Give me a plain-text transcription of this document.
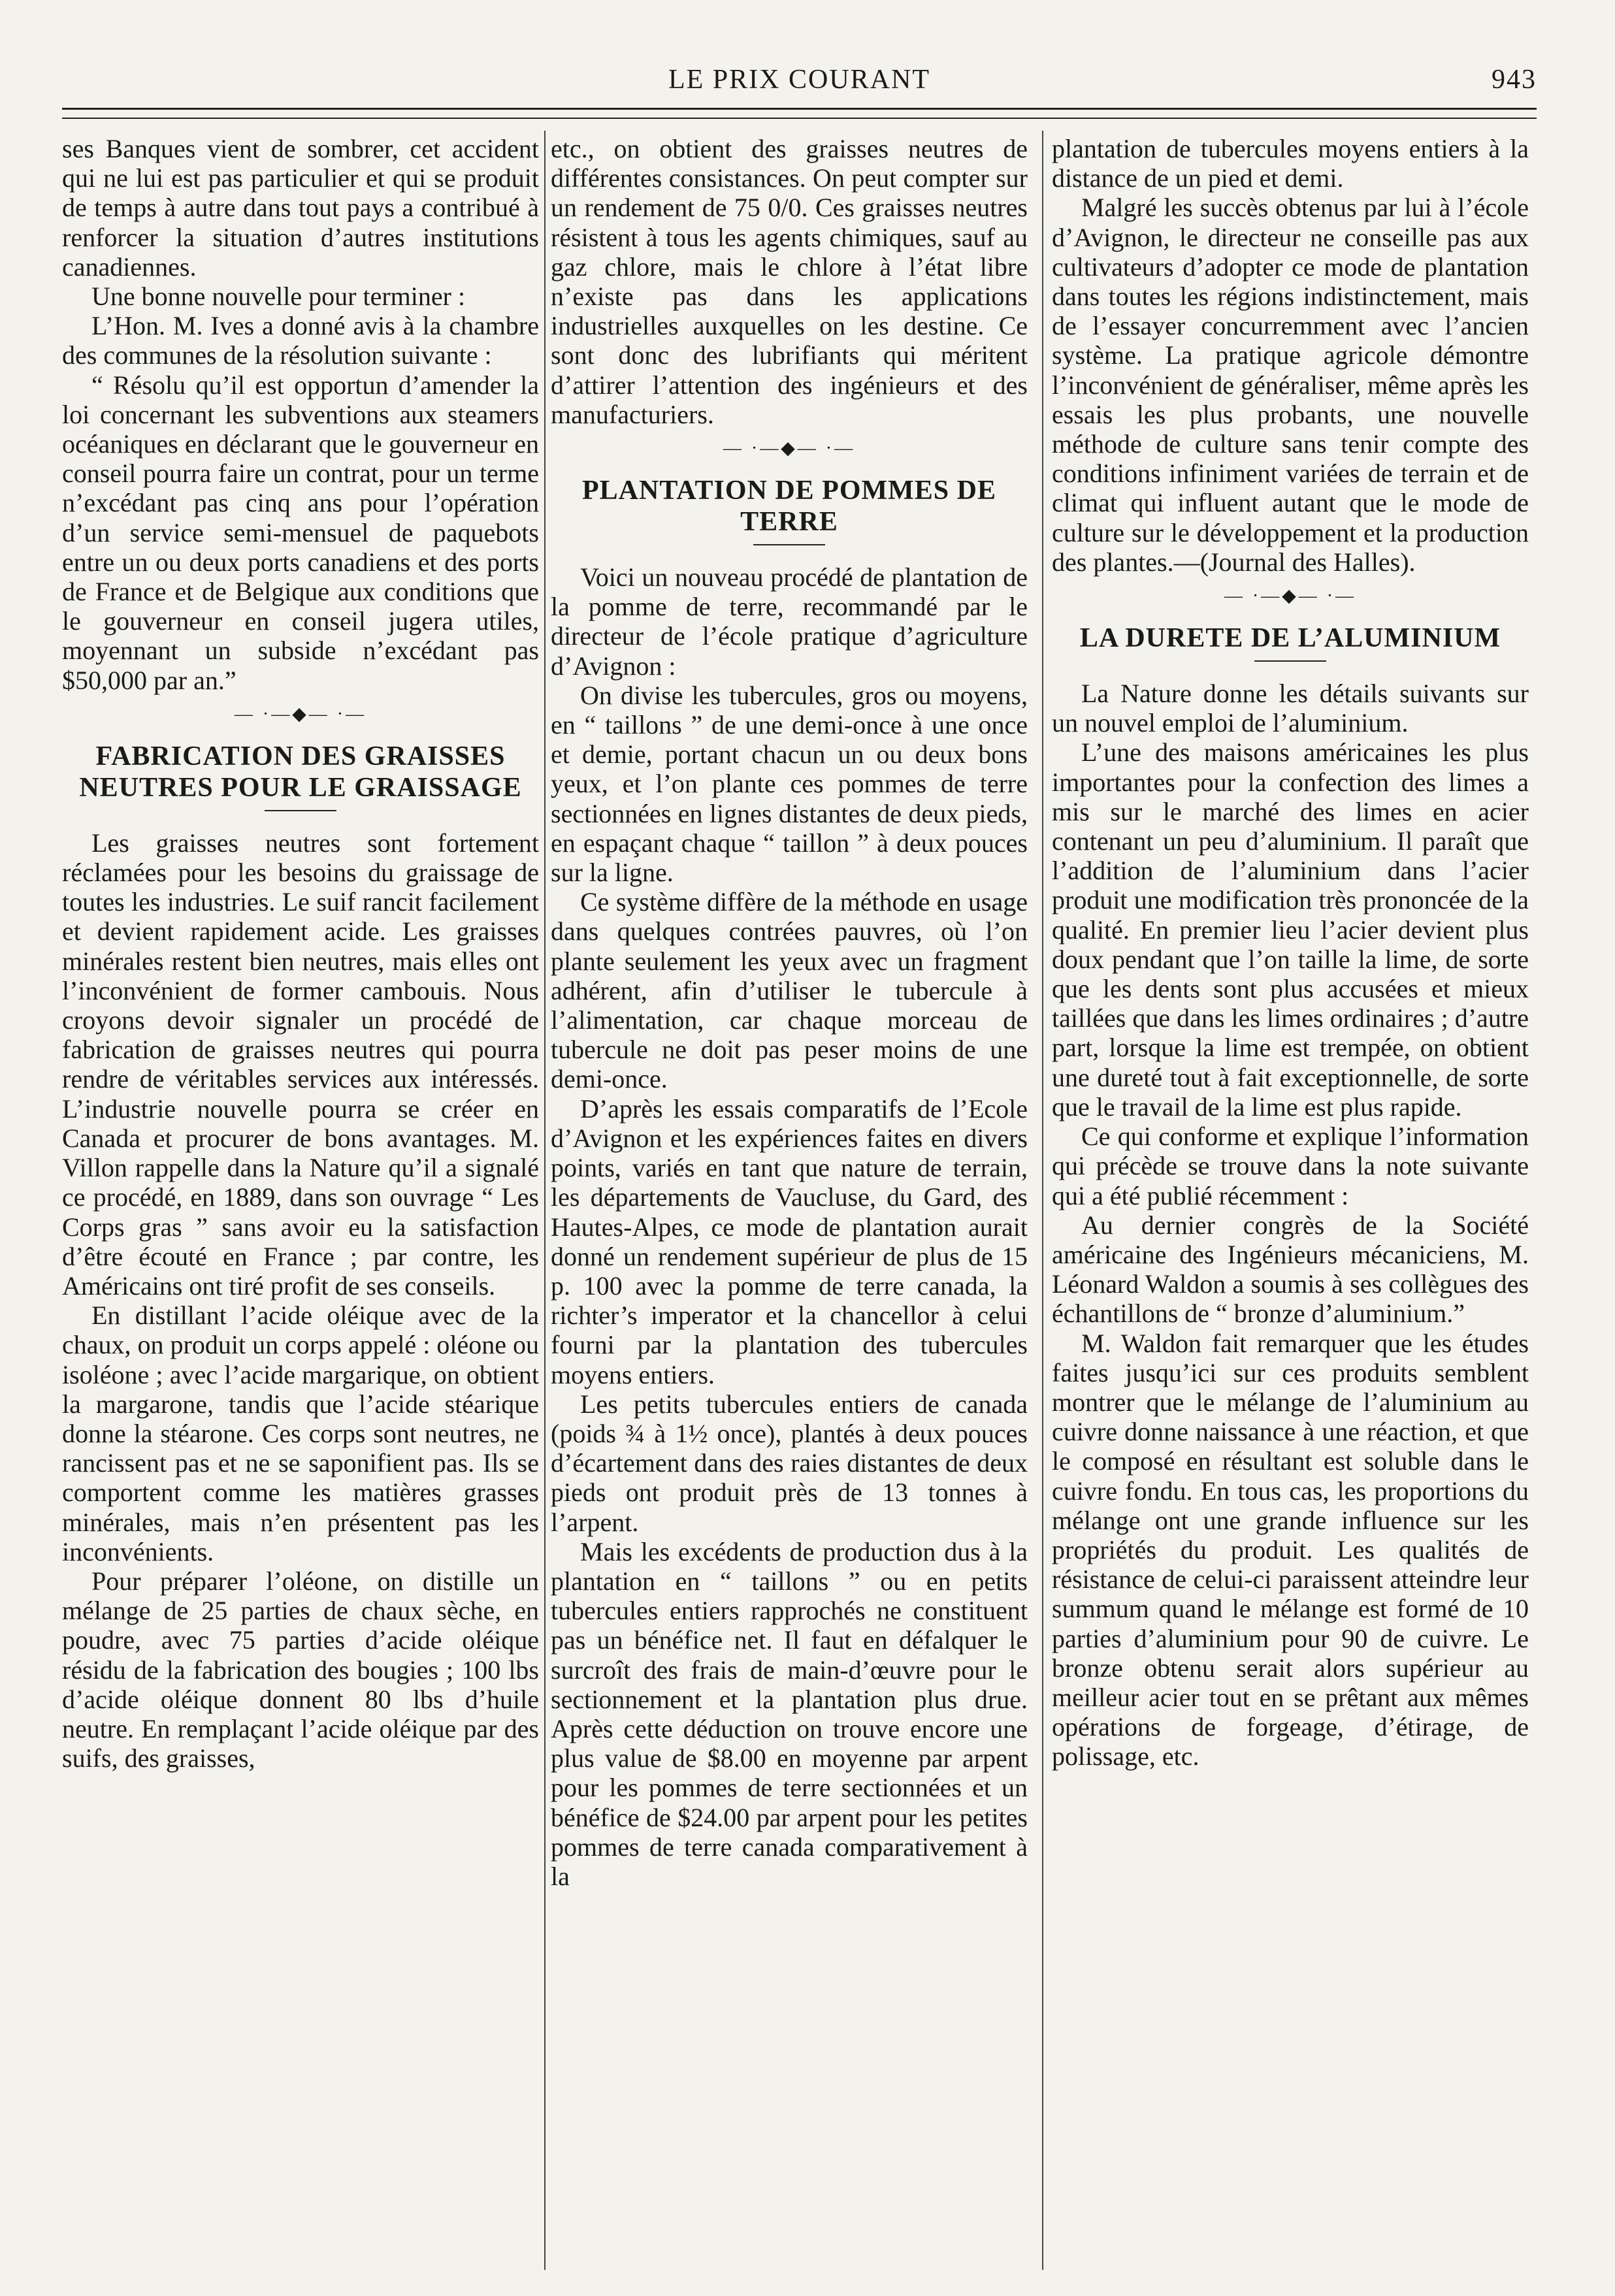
LE PRIX COURANT	943

ses Banques vient de sombrer, cet accident qui ne lui est pas particulier et qui se produit de temps à autre dans tout pays a contribué à renforcer la situation d’autres institutions canadiennes.

Une bonne nouvelle pour terminer :

L’Hon. M. Ives a donné avis à la chambre des communes de la résolution suivante :

“ Résolu qu’il est opportun d’amender la loi concernant les subventions aux steamers océaniques en déclarant que le gouverneur en conseil pourra faire un contrat, pour un terme n’excédant pas cinq ans pour l’opération d’un service semi-mensuel de paquebots entre un ou deux ports canadiens et des ports de France et de Belgique aux conditions que le gouverneur en conseil jugera utiles, moyennant un subside n’excédant pas $50,000 par an.”

— ·—◆— ·—
FABRICATION DES GRAISSES NEUTRES POUR LE GRAISSAGE

Les graisses neutres sont fortement réclamées pour les besoins du graissage de toutes les industries. Le suif rancit facilement et devient rapidement acide. Les graisses minérales restent bien neutres, mais elles ont l’inconvénient de former cambouis. Nous croyons devoir signaler un procédé de fabrication de graisses neutres qui pourra rendre de véritables services aux intéressés. L’industrie nouvelle pourra se créer en Canada et procurer de bons avantages. M. Villon rappelle dans la Nature qu’il a signalé ce procédé, en 1889, dans son ouvrage “ Les Corps gras ” sans avoir eu la satisfaction d’être écouté en France ; par contre, les Américains ont tiré profit de ses conseils.

En distillant l’acide oléique avec de la chaux, on produit un corps appelé : oléone ou isoléone ; avec l’acide margarique, on obtient la margarone, tandis que l’acide stéarique donne la stéarone. Ces corps sont neutres, ne rancissent pas et ne se saponifient pas. Ils se comportent comme les matières grasses minérales, mais n’en présentent pas les inconvénients.

Pour préparer l’oléone, on distille un mélange de 25 parties de chaux sèche, en poudre, avec 75 parties d’acide oléique résidu de la fabrication des bougies ; 100 lbs d’acide oléique donnent 80 lbs d’huile neutre. En remplaçant l’acide oléique par des suifs, des graisses,

etc., on obtient des graisses neutres de différentes consistances. On peut compter sur un rendement de 75 0/0. Ces graisses neutres résistent à tous les agents chimiques, sauf au gaz chlore, mais le chlore à l’état libre n’existe pas dans les applications industrielles auxquelles on les destine. Ce sont donc des lubrifiants qui méritent d’attirer l’attention des ingénieurs et des manufacturiers.

— ·—◆— ·—
PLANTATION DE POMMES DE TERRE

Voici un nouveau procédé de plantation de la pomme de terre, recommandé par le directeur de l’école pratique d’agriculture d’Avignon :

On divise les tubercules, gros ou moyens, en “ taillons ” de une demi-once à une once et demie, portant chacun un ou deux bons yeux, et l’on plante ces pommes de terre sectionnées en lignes distantes de deux pieds, en espaçant chaque “ taillon ” à deux pouces sur la ligne.

Ce système diffère de la méthode en usage dans quelques contrées pauvres, où l’on plante seulement les yeux avec un fragment adhérent, afin d’utiliser le tubercule à l’alimentation, car chaque morceau de tubercule ne doit pas peser moins de une demi-once.

D’après les essais comparatifs de l’Ecole d’Avignon et les expériences faites en divers points, variés en tant que nature de terrain, les départements de Vaucluse, du Gard, des Hautes-Alpes, ce mode de plantation aurait donné un rendement supérieur de plus de 15 p. 100 avec la pomme de terre canada, la richter’s imperator et la chancellor à celui fourni par la plantation des tubercules moyens entiers.

Les petits tubercules entiers de canada (poids ¾ à 1½ once), plantés à deux pouces d’écartement dans des raies distantes de deux pieds ont produit près de 13 tonnes à l’arpent.

Mais les excédents de production dus à la plantation en “ taillons ” ou en petits tubercules entiers rapprochés ne constituent pas un bénéfice net. Il faut en défalquer le surcroît des frais de main-d’œuvre pour le sectionnement et la plantation plus drue. Après cette déduction on trouve encore une plus value de $8.00 en moyenne par arpent pour les pommes de terre sectionnées et un bénéfice de $24.00 par arpent pour les petites pommes de terre canada comparativement à la

plantation de tubercules moyens entiers à la distance de un pied et demi.

Malgré les succès obtenus par lui à l’école d’Avignon, le directeur ne conseille pas aux cultivateurs d’adopter ce mode de plantation dans toutes les régions indistinctement, mais de l’essayer concurremment avec l’ancien système. La pratique agricole démontre l’inconvénient de généraliser, même après les essais les plus probants, une nouvelle méthode de culture sans tenir compte des conditions infiniment variées de terrain et de climat qui influent autant que le mode de culture sur le développement et la production des plantes.—(Journal des Halles).

— ·—◆— ·—
LA DURETE DE L’ALUMINIUM

La Nature donne les détails suivants sur un nouvel emploi de l’aluminium.

L’une des maisons américaines les plus importantes pour la confection des limes a mis sur le marché des limes en acier contenant un peu d’aluminium. Il paraît que l’addition de l’aluminium dans l’acier produit une modification très prononcée de la qualité. En premier lieu l’acier devient plus doux pendant que l’on taille la lime, de sorte que les dents sont plus accusées et mieux taillées que dans les limes ordinaires ; d’autre part, lorsque la lime est trempée, on obtient une dureté tout à fait exceptionnelle, de sorte que le travail de la lime est plus rapide.

Ce qui conforme et explique l’information qui précède se trouve dans la note suivante qui a été publié récemment :

Au dernier congrès de la Société américaine des Ingénieurs mécaniciens, M. Léonard Waldon a soumis à ses collègues des échantillons de “ bronze d’aluminium.”

M. Waldon fait remarquer que les études faites jusqu’ici sur ces produits semblent montrer que le mélange de l’aluminium au cuivre donne naissance à une réaction, et que le composé en résultant est soluble dans le cuivre fondu. En tous cas, les proportions du mélange ont une grande influence sur les propriétés du produit. Les qualités de résistance de celui-ci paraissent atteindre leur summum quand le mélange est formé de 10 parties d’aluminium pour 90 de cuivre. Le bronze obtenu serait alors supérieur au meilleur acier tout en se prêtant aux mêmes opérations de forgeage, d’étirage, de polissage, etc.
